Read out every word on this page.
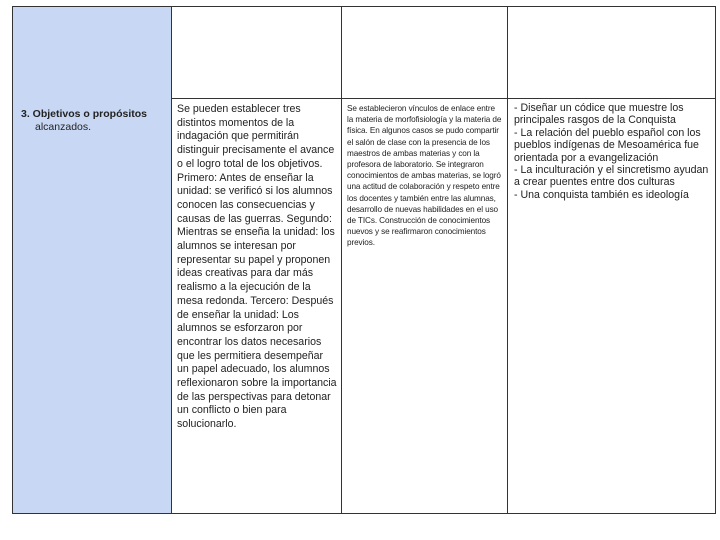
3. Objetivos o propósitos
alcanzados.
Se pueden establecer tres distintos momentos de la indagación que permitirán distinguir precisamente el avance o el logro total de los objetivos. Primero: Antes de enseñar la unidad: se verificó si los alumnos conocen las consecuencias y causas de las guerras. Segundo: Mientras se enseña la unidad: los alumnos se interesan por representar su papel y proponen ideas creativas para dar más realismo a la ejecución de la mesa redonda. Tercero: Después de enseñar la unidad: Los alumnos se esforzaron por encontrar los datos necesarios que les permitiera desempeñar un papel adecuado, los alumnos reflexionaron sobre la importancia de las perspectivas para detonar un conflicto o bien para solucionarlo.
Se establecieron vínculos de enlace entre la materia de morfofisiología y la materia de física. En algunos casos se pudo compartir el salón de clase con la presencia de los maestros de ambas materias y con la profesora de laboratorio. Se integraron conocimientos de ambas materias, se logró una actitud de colaboración y respeto entre los docentes y también entre las alumnas, desarrollo de nuevas habilidades en el uso de TICs. Construcción de conocimientos nuevos y se reafirmaron conocimientos previos.
- Diseñar un códice que muestre los principales rasgos de la Conquista
- La relación del pueblo español con los pueblos indígenas de Mesoamérica fue orientada por a evangelización
- La inculturación y el sincretismo ayudan a crear puentes entre dos culturas
- Una conquista también es ideología
